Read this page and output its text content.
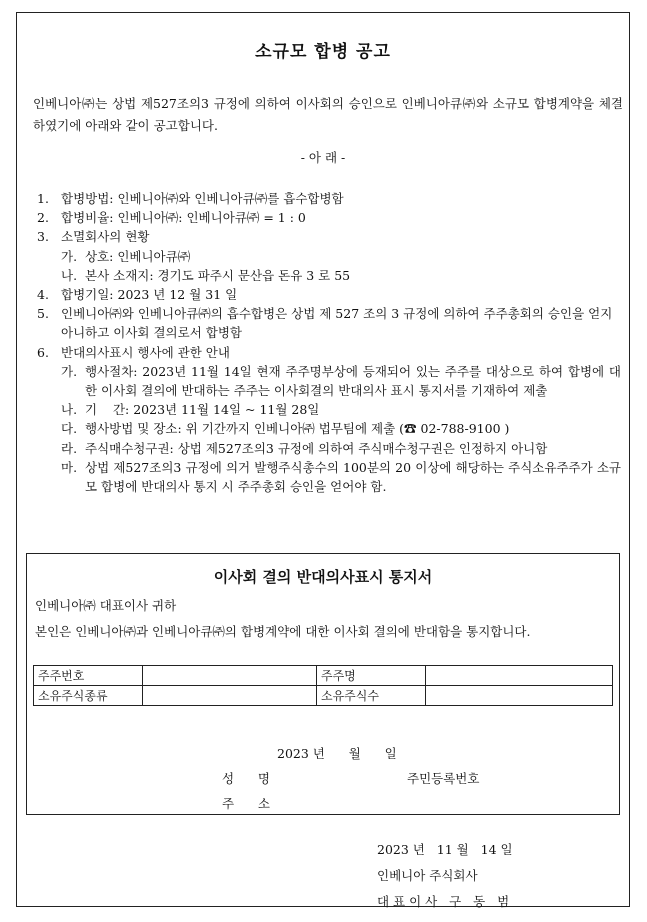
소규모 합병 공고
인베니아㈜는 상법 제527조의3 규정에 의하여 이사회의 승인으로 인베니아큐㈜와 소규모 합병계약을 체결하였기에 아래와 같이 공고합니다.
- 아 래 -
1. 합병방법: 인베니아㈜와 인베니아큐㈜를 흡수합병함
2. 합병비율: 인베니아㈜: 인베니아큐㈜ = 1 : 0
3. 소멸회사의 현황
가. 상호: 인베니아큐㈜
나. 본사 소재지: 경기도 파주시 문산읍 돈유 3 로 55
4. 합병기일: 2023 년 12 월 31 일
5. 인베니아㈜와 인베니아큐㈜의 흡수합병은 상법 제 527 조의 3 규정에 의하여 주주총회의 승인을 얻지 아니하고 이사회 결의로서 합병함
6. 반대의사표시 행사에 관한 안내
가. 행사절차: 2023년 11월 14일 현재 주주명부상에 등재되어 있는 주주를 대상으로 하여 합병에 대한 이사회 결의에 반대하는 주주는 이사회결의 반대의사 표시 통지서를 기재하여 제출
나. 기    간: 2023년 11월 14일 ~ 11월 28일
다. 행사방법 및 장소: 위 기간까지 인베니아㈜ 법무팀에 제출 (☎ 02-788-9100 )
라. 주식매수청구권: 상법 제527조의3 규정에 의하여 주식매수청구권은 인정하지 아니함
마. 상법 제527조의3 규정에 의거 발행주식총수의 100분의 20 이상에 해당하는 주식소유주주가 소규모 합병에 반대의사 통지 시 주주총회 승인을 얻어야 함.
이사회 결의 반대의사표시 통지서
인베니아㈜ 대표이사 귀하
본인은 인베니아㈜과 인베니아큐㈜의 합병계약에 대한 이사회 결의에 반대함을 통지합니다.
주주번호		주주명	
소유주식종류		소유주식수	
2023 년      월      일
성      명	주민등록번호
주      소
2023 년   11 월   14 일
인베니아 주식회사
대 표 이 사   구   동   범
